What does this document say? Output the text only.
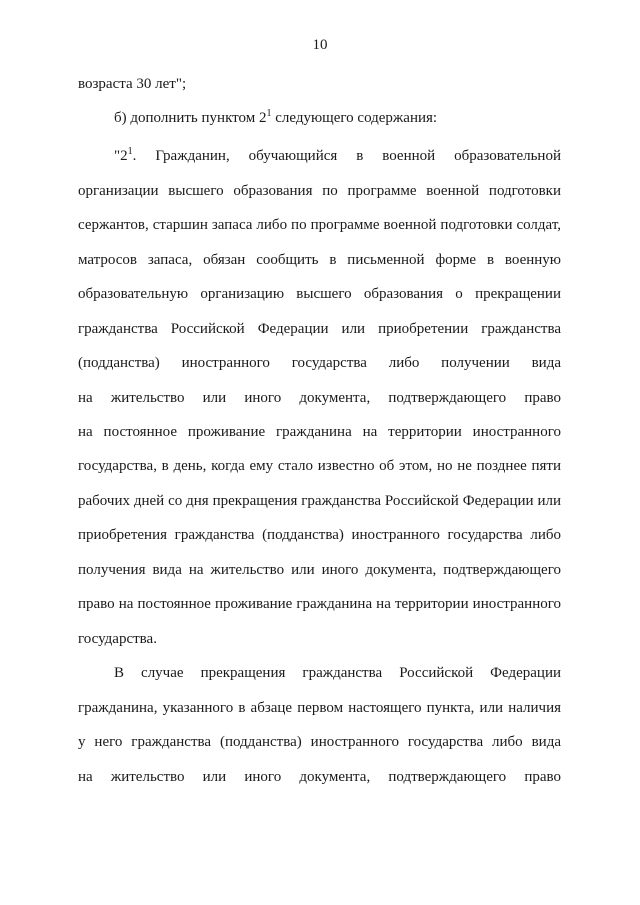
10
возраста 30 лет";
б) дополнить пунктом $2^1$ следующего содержания:
"$2^1$. Гражданин, обучающийся в военной образовательной
организации высшего образования по программе военной подготовки
сержантов, старшин запаса либо по программе военной подготовки солдат,
матросов запаса, обязан сообщить в письменной форме в военную
образовательную организацию высшего образования о прекращении
гражданства Российской Федерации или приобретении гражданства
(подданства) иностранного государства либо получении вида
на жительство или иного документа, подтверждающего право
на постоянное проживание гражданина на территории иностранного
государства, в день, когда ему стало известно об этом, но не позднее пяти
рабочих дней со дня прекращения гражданства Российской Федерации или
приобретения гражданства (подданства) иностранного государства либо
получения вида на жительство или иного документа, подтверждающего
право на постоянное проживание гражданина на территории иностранного
государства.
В случае прекращения гражданства Российской Федерации
гражданина, указанного в абзаце первом настоящего пункта, или наличия
у него гражданства (подданства) иностранного государства либо вида
на жительство или иного документа, подтверждающего право
